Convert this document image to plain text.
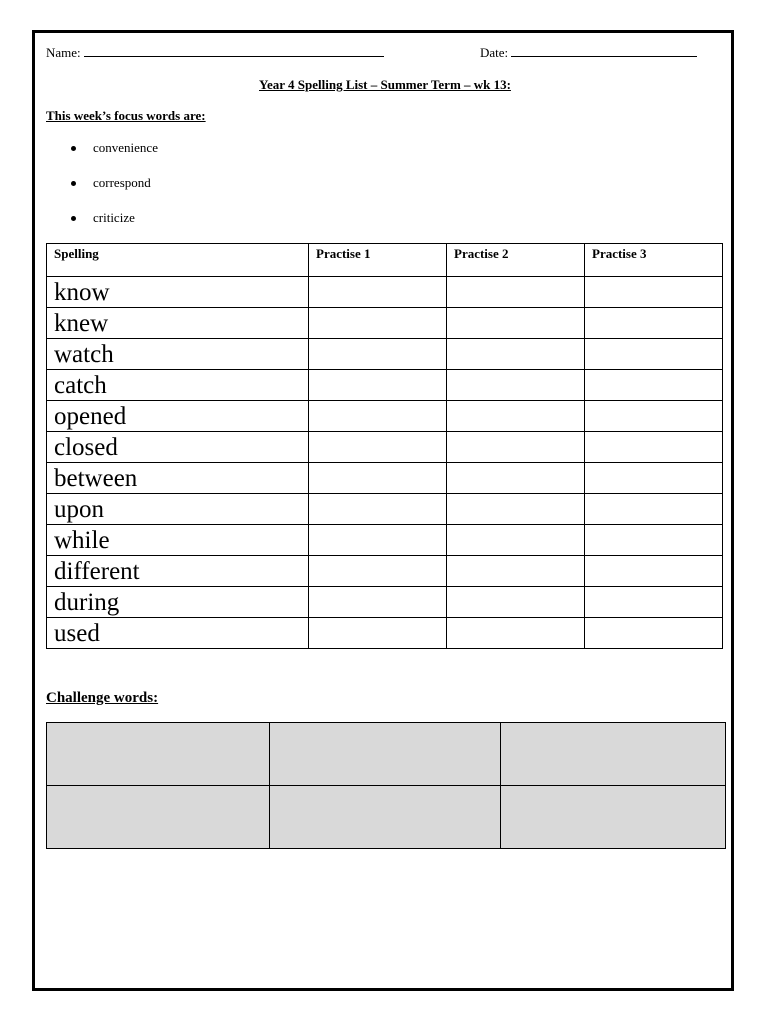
Name:	Date:
Year 4 Spelling List – Summer Term – wk 13:
This week’s focus words are:
convenience
correspond
criticize
Spelling	Practise 1	Practise 2	Practise 3
know			
knew			
watch			
catch			
opened			
closed			
between			
upon			
while			
different			
during			
used			
Challenge words:
